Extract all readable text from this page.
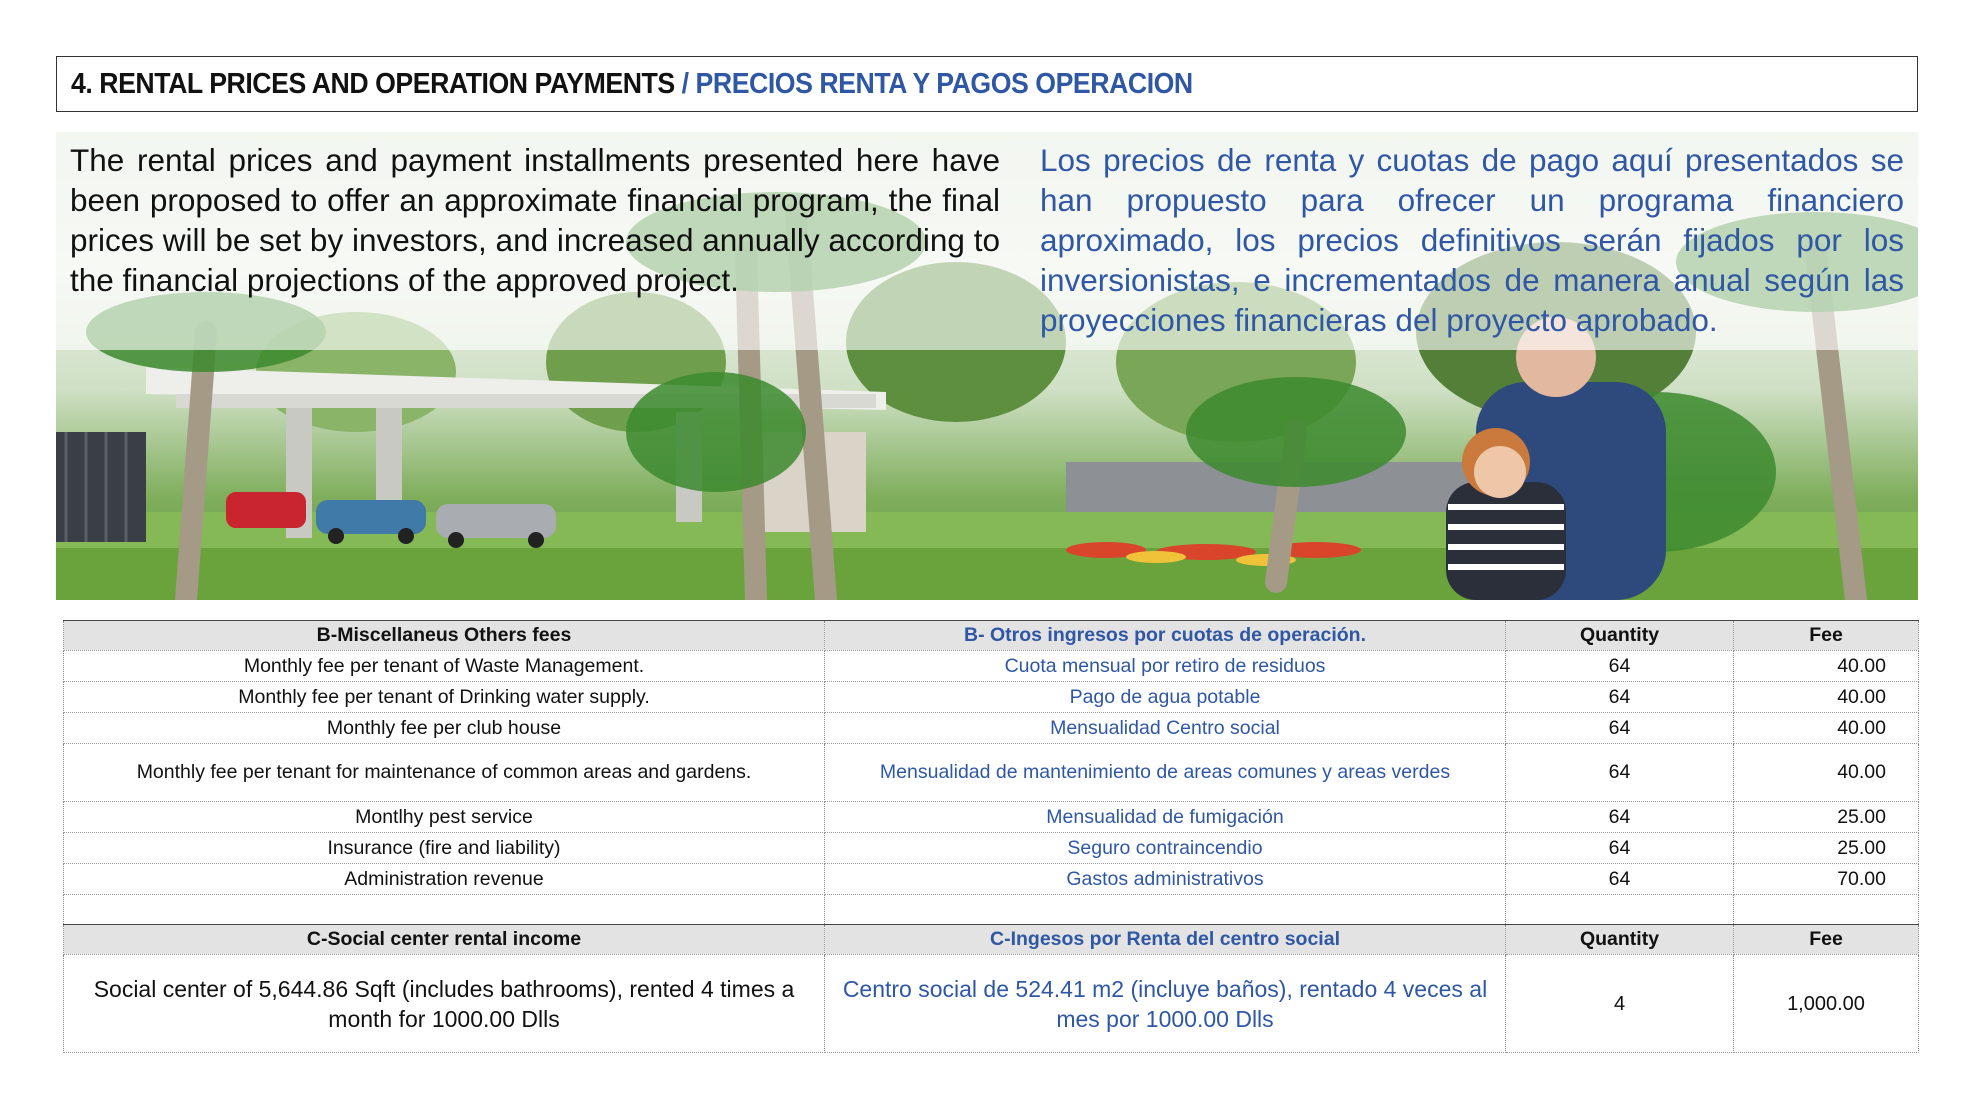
4. RENTAL PRICES AND OPERATION PAYMENTS / PRECIOS RENTA Y PAGOS OPERACION
The rental prices and payment installments presented here have been proposed to offer an approximate financial program, the final prices will be set by investors, and increased annually according to the financial projections of the approved project.
Los precios de renta y cuotas de pago aquí presentados se han propuesto para ofrecer un programa financiero aproximado, los precios definitivos serán fijados por los inversionistas, e incrementados de manera anual según las proyecciones financieras del proyecto aprobado.
B-Miscellaneus Others fees	B- Otros ingresos por cuotas de operación.	Quantity	Fee
Monthly fee per tenant of Waste Management.	Cuota mensual por retiro de residuos	64	40.00
Monthly fee per tenant of Drinking water supply.	Pago de agua potable	64	40.00
Monthly fee per club house	Mensualidad Centro social	64	40.00
Monthly fee per tenant for maintenance of common areas and gardens.	Mensualidad de mantenimiento de areas comunes y areas verdes	64	40.00
Montlhy pest service	Mensualidad de fumigación	64	25.00
Insurance (fire and liability)	Seguro contraincendio	64	25.00
Administration revenue	Gastos administrativos	64	70.00

C-Social center rental income	C-Ingesos por Renta del centro social	Quantity	Fee
Social center of 5,644.86 Sqft (includes bathrooms), rented 4 times a month for 1000.00 Dlls	Centro social de 524.41 m2 (incluye baños), rentado 4 veces al mes por 1000.00 Dlls	4	1,000.00
